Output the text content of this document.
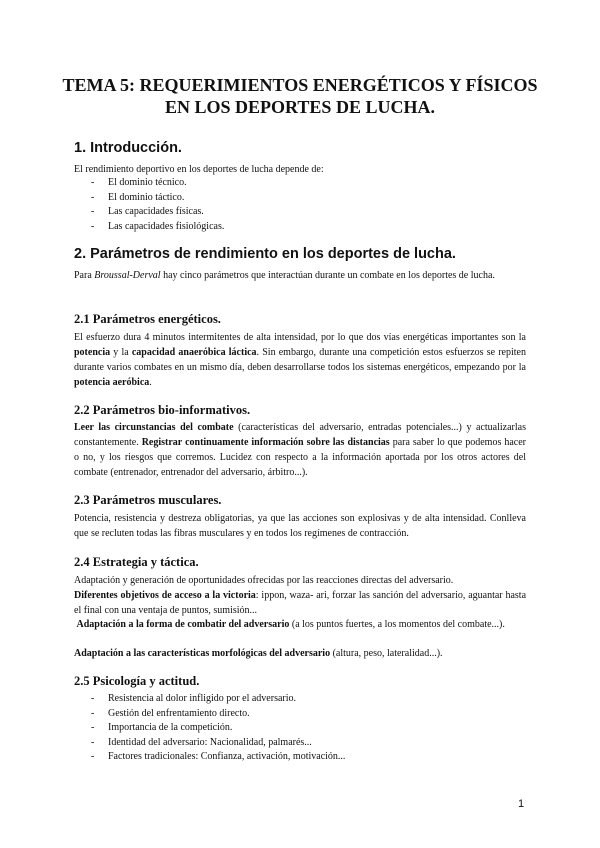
TEMA 5: REQUERIMIENTOS ENERGÉTICOS Y FÍSICOS EN LOS DEPORTES DE LUCHA.
1. Introducción.

El rendimiento deportivo en los deportes de lucha depende de:

- El dominio técnico.
- El dominio táctico.
- Las capacidades físicas.
- Las capacidades fisiológicas.
2. Parámetros de rendimiento en los deportes de lucha.

Para Broussal-Derval hay cinco parámetros que interactúan durante un combate en los deportes de lucha.

2.1 Parámetros energéticos.

El esfuerzo dura 4 minutos intermitentes de alta intensidad, por lo que dos vías energéticas importantes son la potencia y la capacidad anaeróbica láctica. Sin embargo, durante una competición estos esfuerzos se repiten durante varios combates en un mismo día, deben desarrollarse todos los sistemas energéticos, empezando por la potencia aeróbica.

2.2 Parámetros bio-informativos.

Leer las circunstancias del combate (características del adversario, entradas potenciales...) y actualizarlas constantemente. Registrar continuamente información sobre las distancias para saber lo que podemos hacer o no, y los riesgos que corremos. Lucidez con respecto a la información aportada por los otros actores del combate (entrenador, entrenador del adversario, árbitro...).

2.3 Parámetros musculares.

Potencia, resistencia y destreza obligatorias, ya que las acciones son explosivas y de alta intensidad. Conlleva que se recluten todas las fibras musculares y en todos los regímenes de contracción.

2.4 Estrategia y táctica.

Adaptación y generación de oportunidades ofrecidas por las reacciones directas del adversario.

Diferentes objetivos de acceso a la victoria: ippon, waza- ari, forzar las sanción del adversario, aguantar hasta el final con una ventaja de puntos, sumisión...

Adaptación a la forma de combatir del adversario (a los puntos fuertes, a los momentos del combate...).

Adaptación a las características morfológicas del adversario (altura, peso, lateralidad...).

2.5 Psicología y actitud.
- Resistencia al dolor infligido por el adversario.
- Gestión del enfrentamiento directo.
- Importancia de la competición.
- Identidad del adversario: Nacionalidad, palmarés...
- Factores tradicionales: Confianza, activación, motivación...
1
